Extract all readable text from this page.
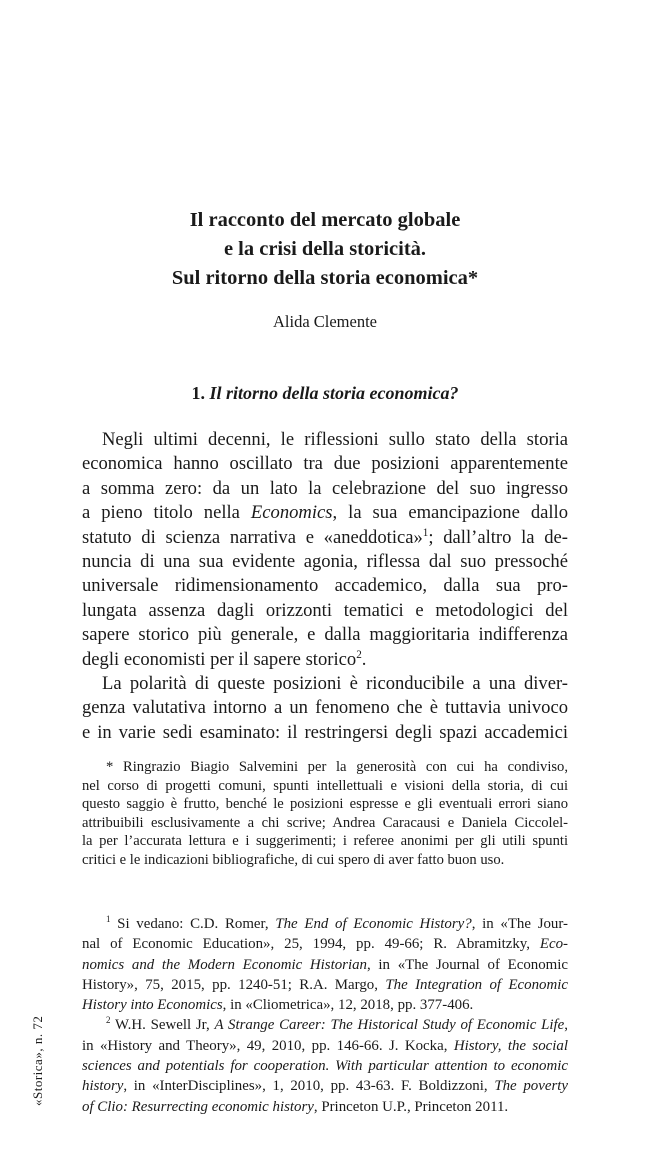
Il racconto del mercato globale
e la crisi della storicità.
Sul ritorno della storia economica*

Alida Clemente

1. Il ritorno della storia economica?

Negli ultimi decenni, le riflessioni sullo stato della storia
economica hanno oscillato tra due posizioni apparentemente
a somma zero: da un lato la celebrazione del suo ingresso
a pieno titolo nella Economics, la sua emancipazione dallo
statuto di scienza narrativa e «aneddotica»$^1$; dall’altro la de-
nuncia di una sua evidente agonia, riflessa dal suo pressoché
universale ridimensionamento accademico, dalla sua pro-
lungata assenza dagli orizzonti tematici e metodologici del
sapere storico più generale, e dalla maggioritaria indifferenza
degli economisti per il sapere storico$^2$.

La polarità di queste posizioni è riconducibile a una diver-
genza valutativa intorno a un fenomeno che è tuttavia univoco
e in varie sedi esaminato: il restringersi degli spazi accademici

* Ringrazio Biagio Salvemini per la generosità con cui ha condiviso,
nel corso di progetti comuni, spunti intellettuali e visioni della storia, di cui
questo saggio è frutto, benché le posizioni espresse e gli eventuali errori siano
attribuibili esclusivamente a chi scrive; Andrea Caracausi e Daniela Ciccolel-
la per l’accurata lettura e i suggerimenti; i referee anonimi per gli utili spunti
critici e le indicazioni bibliografiche, di cui spero di aver fatto buon uso.
$^1$ Si vedano: C.D. Romer, The End of Economic History?, in «The Jour-
nal of Economic Education», 25, 1994, pp. 49-66; R. Abramitzky, Eco-
nomics and the Modern Economic Historian, in «The Journal of Economic
History», 75, 2015, pp. 1240-51; R.A. Margo, The Integration of Economic
History into Economics, in «Cliometrica», 12, 2018, pp. 377-406.
$^2$ W.H. Sewell Jr, A Strange Career: The Historical Study of Economic Life,
in «History and Theory», 49, 2010, pp. 146-66. J. Kocka, History, the social
sciences and potentials for cooperation. With particular attention to economic
history, in «InterDisciplines», 1, 2010, pp. 43-63. F. Boldizzoni, The poverty
of Clio: Resurrecting economic history, Princeton U.P., Princeton 2011.
«Storica», n. 72
